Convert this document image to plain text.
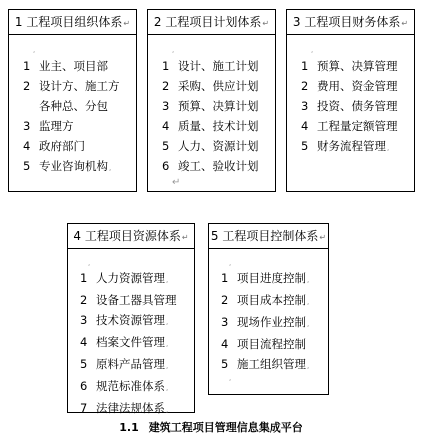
1 工程项目组织体系↵
,
1 业主、项目部
2 设计方、施工方
各种总、分包
3 监理方
4 政府部门
5 专业咨询机构,
2 工程项目计划体系↵
,
1 设计、施工计划
2 采购、供应计划
3 预算、决算计划
4 质量、技术计划
5 人力、资源计划
6 竣工、验收计划
↵
3 工程项目财务体系↵
,
1 预算、决算管理
2 费用、资金管理
3 投资、债务管理
4 工程量定额管理
5 财务流程管理,
4 工程项目资源体系↵
,
1 人力资源管理,
2 设备工器具管理
3 技术资源管理,
4 档案文件管理,
5 原料产品管理,
6 规范标准体系,
7 法律法规体系,
5 工程项目控制体系↵
,
1 项目进度控制,
2 项目成本控制,
3 现场作业控制,
4 项目流程控制
5 施工组织管理,
,
1.1 建筑工程项目管理信息集成平台
